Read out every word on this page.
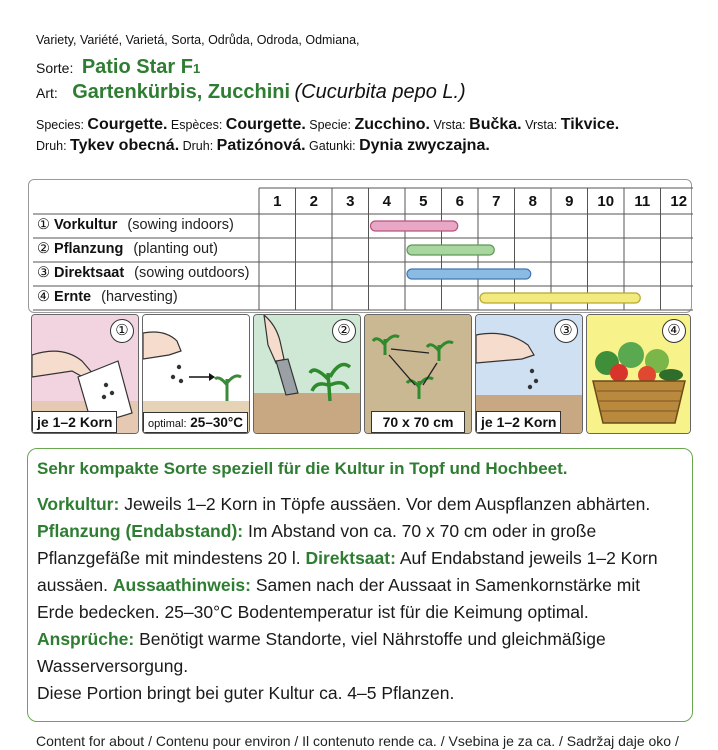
Variety, Variété, Varietá, Sorta, Odrůda, Odroda, Odmiana,
Sorte: Patio Star F1
Art: Gartenkürbis, Zucchini (Cucurbita pepo L.)
Species: Courgette. Espèces: Courgette. Specie: Zucchino. Vrsta: Bučka. Vrsta: Tikvice.
Druh: Tykev obecná. Druh: Patizónová. Gatunki: Dynia zwyczajna.
1 2 3 4 5 6 7 8 9 10 11 12
① Vorkultur (sowing indoors)
② Pflanzung (planting out)
③ Direktsaat (sowing outdoors)
④ Ernte (harvesting)
①
je 1–2 Korn	optimal: 25–30°C
②
70 x 70 cm
③
je 1–2 Korn
④
Sehr kompakte Sorte speziell für die Kultur in Topf und Hochbeet.
Vorkultur: Jeweils 1–2 Korn in Töpfe aussäen. Vor dem Auspflanzen abhärten.
Pflanzung (Endabstand): Im Abstand von ca. 70 x 70 cm oder in große
Pflanzgefäße mit mindestens 20 l. Direktsaat: Auf Endabstand jeweils 1–2 Korn
aussäen. Aussaathinweis: Samen nach der Aussaat in Samenkornstärke mit
Erde bedecken. 25–30°C Bodentemperatur ist für die Keimung optimal.
Ansprüche: Benötigt warme Standorte, viel Nährstoffe und gleichmäßige
Wasserversorgung.
Diese Portion bringt bei guter Kultur ca. 4–5 Pflanzen.
Content for about / Contenu pour environ / Il contenuto rende ca. / Vsebina je za ca. / Sadržaj daje oko /
